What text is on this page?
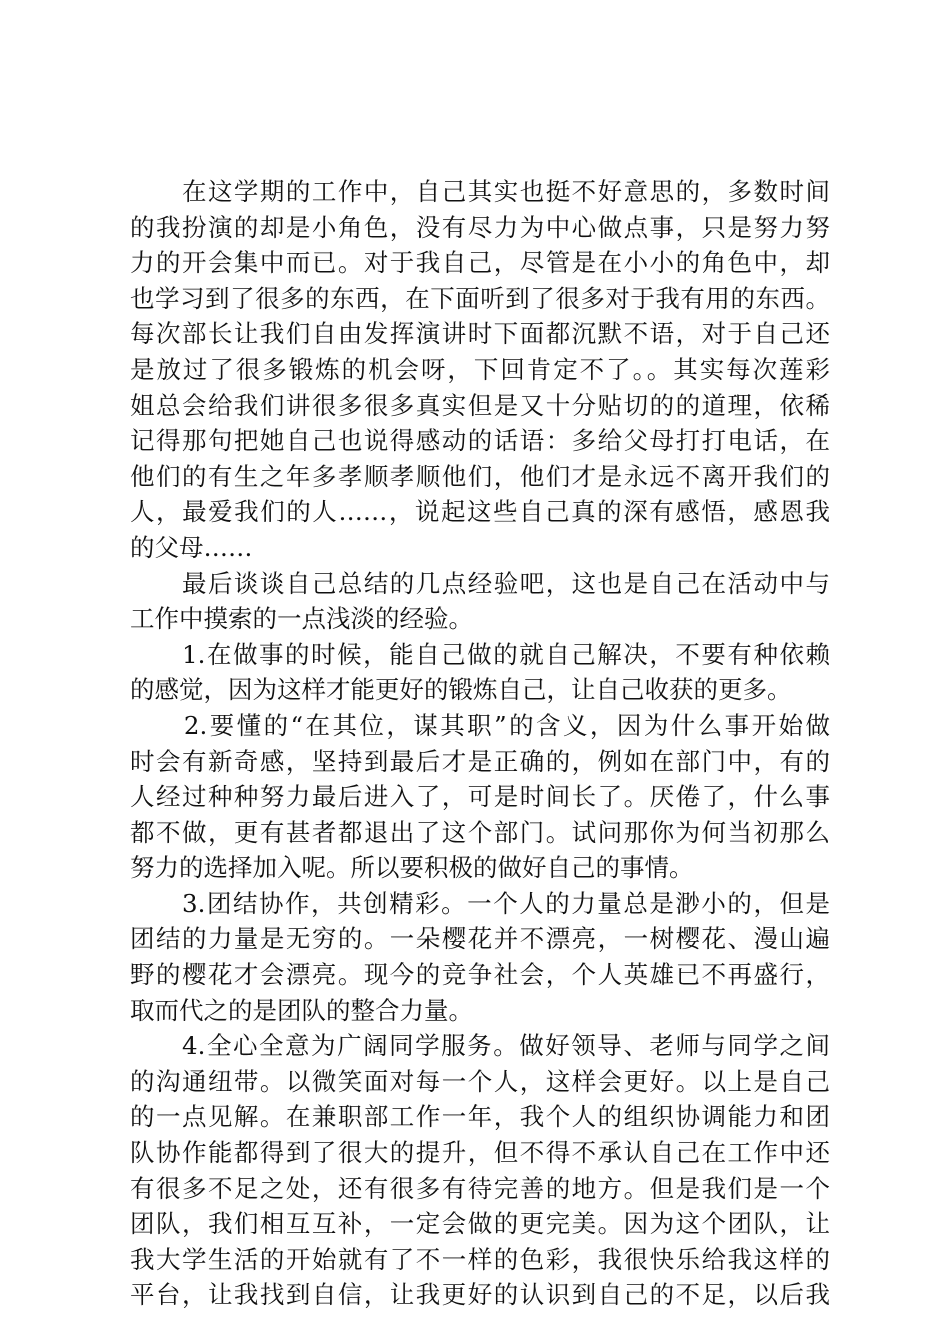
　　在这学期的工作中，自己其实也挺不好意思的，多数时间
的我扮演的却是小角色，没有尽力为中心做点事，只是努力努
力的开会集中而已。对于我自己，尽管是在小小的角色中，却
也学习到了很多的东西，在下面听到了很多对于我有用的东西。
每次部长让我们自由发挥演讲时下面都沉默不语，对于自己还
是放过了很多锻炼的机会呀，下回肯定不了。。其实每次莲彩
姐总会给我们讲很多很多真实但是又十分贴切的的道理，依稀
记得那句把她自己也说得感动的话语：多给父母打打电话，在
他们的有生之年多孝顺孝顺他们，他们才是永远不离开我们的
人，最爱我们的人……，说起这些自己真的深有感悟，感恩我
的父母……
　　最后谈谈自己总结的几点经验吧，这也是自己在活动中与
工作中摸索的一点浅淡的经验。
　　1.在做事的时候，能自己做的就自己解决，不要有种依赖
的感觉，因为这样才能更好的锻炼自己，让自己收获的更多。
　　2.要懂的“在其位，谋其职”的含义，因为什么事开始做
时会有新奇感，坚持到最后才是正确的，例如在部门中，有的
人经过种种努力最后进入了，可是时间长了。厌倦了，什么事
都不做，更有甚者都退出了这个部门。试问那你为何当初那么
努力的选择加入呢。所以要积极的做好自己的事情。
　　3.团结协作，共创精彩。一个人的力量总是渺小的，但是
团结的力量是无穷的。一朵樱花并不漂亮，一树樱花、漫山遍
野的樱花才会漂亮。现今的竞争社会，个人英雄已不再盛行，
取而代之的是团队的整合力量。
　　4.全心全意为广阔同学服务。做好领导、老师与同学之间
的沟通纽带。以微笑面对每一个人，这样会更好。以上是自己
的一点见解。在兼职部工作一年，我个人的组织协调能力和团
队协作能都得到了很大的提升，但不得不承认自己在工作中还
有很多不足之处，还有很多有待完善的地方。但是我们是一个
团队，我们相互互补，一定会做的更完美。因为这个团队，让
我大学生活的开始就有了不一样的色彩，我很快乐给我这样的
平台，让我找到自信，让我更好的认识到自己的不足，以后我
